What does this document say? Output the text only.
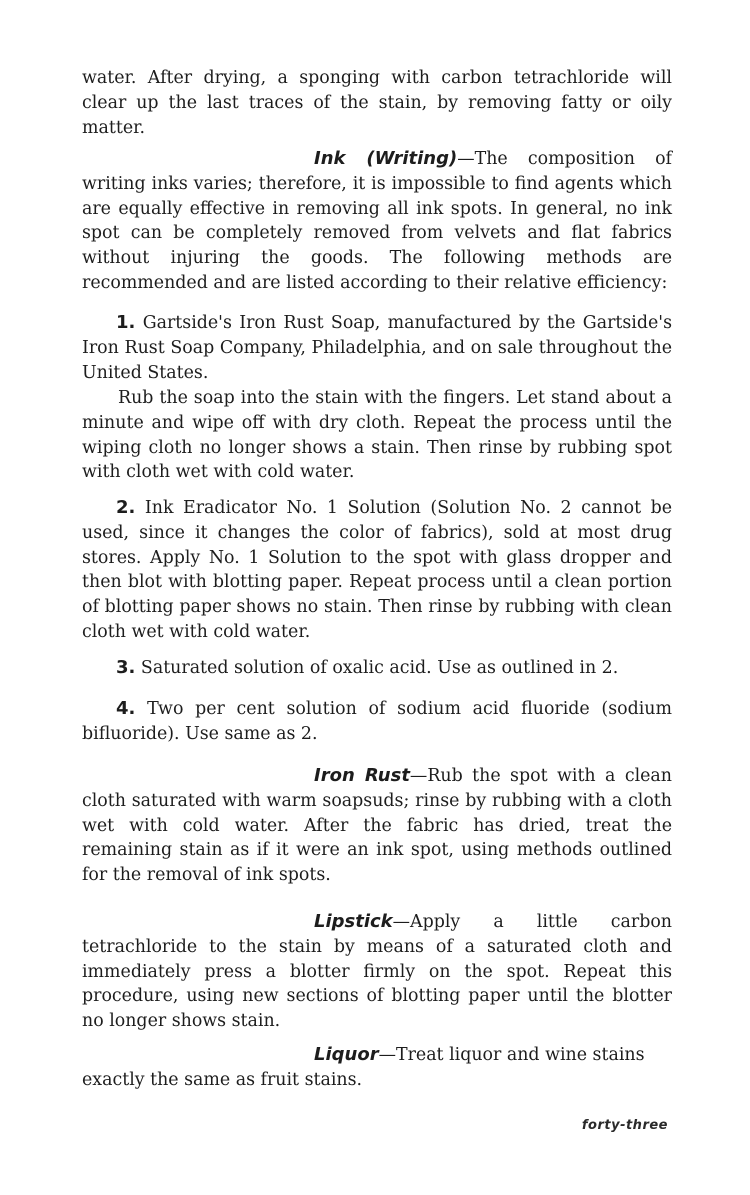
water. After drying, a sponging with carbon tetrachloride will clear up the last traces of the stain, by removing fatty or oily matter.

Ink (Writing)—The composition of writing inks varies; therefore, it is impossible to find agents which are equally effective in removing all ink spots. In general, no ink spot can be completely removed from velvets and flat fabrics without injuring the goods. The following methods are recommended and are listed according to their relative efficiency:

1. Gartside's Iron Rust Soap, manufactured by the Gartside's Iron Rust Soap Company, Philadelphia, and on sale throughout the United States.

Rub the soap into the stain with the fingers. Let stand about a minute and wipe off with dry cloth. Repeat the process until the wiping cloth no longer shows a stain. Then rinse by rubbing spot with cloth wet with cold water.

2. Ink Eradicator No. 1 Solution (Solution No. 2 cannot be used, since it changes the color of fabrics), sold at most drug stores. Apply No. 1 Solution to the spot with glass dropper and then blot with blotting paper. Repeat process until a clean portion of blotting paper shows no stain. Then rinse by rubbing with clean cloth wet with cold water.

3. Saturated solution of oxalic acid. Use as outlined in 2.

4. Two per cent solution of sodium acid fluoride (sodium bifluoride). Use same as 2.

Iron Rust—Rub the spot with a clean cloth saturated with warm soapsuds; rinse by rubbing with a cloth wet with cold water. After the fabric has dried, treat the remaining stain as if it were an ink spot, using methods outlined for the removal of ink spots.

Lipstick—Apply a little carbon tetrachloride to the stain by means of a saturated cloth and immediately press a blotter firmly on the spot. Repeat this procedure, using new sections of blotting paper until the blotter no longer shows stain.

Liquor—Treat liquor and wine stains exactly the same as fruit stains.

forty-three
